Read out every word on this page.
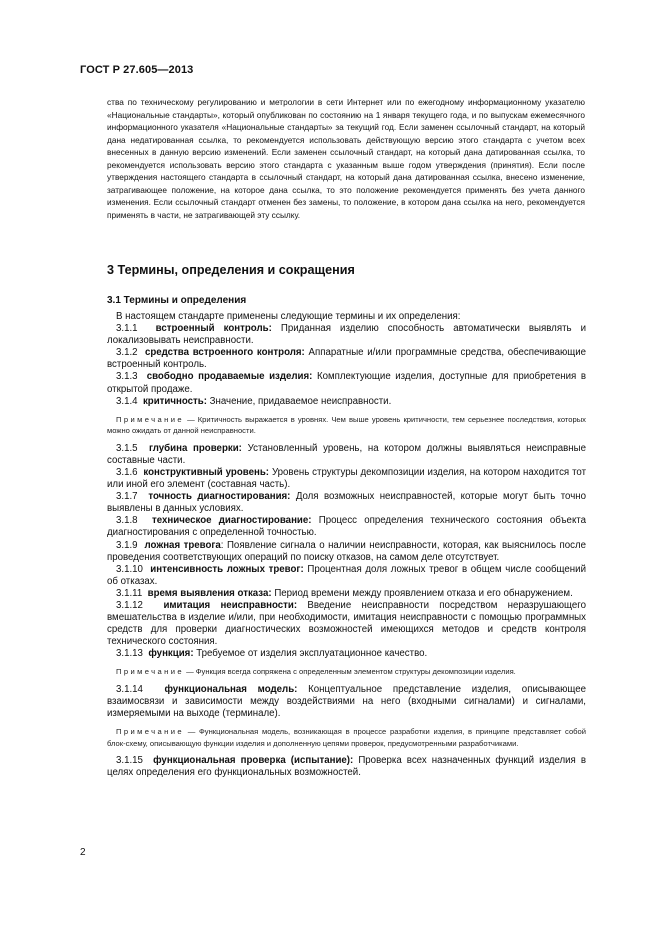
ГОСТ Р 27.605—2013
ства по техническому регулированию и метрологии в сети Интернет или по ежегодному информационному указателю «Национальные стандарты», который опубликован по состоянию на 1 января текущего года, и по выпускам ежемесячного информационного указателя «Национальные стандарты» за текущий год. Если заменен ссылочный стандарт, на который дана недатированная ссылка, то рекомендуется использовать действующую версию этого стандарта с учетом всех внесенных в данную версию изменений. Если заменен ссылочный стандарт, на который дана датированная ссылка, то рекомендуется использовать версию этого стандарта с указанным выше годом утверждения (принятия). Если после утверждения настоящего стандарта в ссылочный стандарт, на который дана датированная ссылка, внесено изменение, затрагивающее положение, на которое дана ссылка, то это положение рекомендуется применять без учета данного изменения. Если ссылочный стандарт отменен без замены, то положение, в котором дана ссылка на него, рекомендуется применять в части, не затрагивающей эту ссылку.
3 Термины, определения и сокращения
3.1 Термины и определения

В настоящем стандарте применены следующие термины и их определения:

3.1.1 встроенный контроль: Приданная изделию способность автоматически выявлять и локализовывать неисправности.

3.1.2 средства встроенного контроля: Аппаратные и/или программные средства, обеспечивающие встроенный контроль.

3.1.3 свободно продаваемые изделия: Комплектующие изделия, доступные для приобретения в открытой продаже.

3.1.4 критичность: Значение, придаваемое неисправности.

Примечание — Критичность выражается в уровнях. Чем выше уровень критичности, тем серьезнее последствия, которых можно ожидать от данной неисправности.

3.1.5 глубина проверки: Установленный уровень, на котором должны выявляться неисправные составные части.

3.1.6 конструктивный уровень: Уровень структуры декомпозиции изделия, на котором находится тот или иной его элемент (составная часть).

3.1.7 точность диагностирования: Доля возможных неисправностей, которые могут быть точно выявлены в данных условиях.

3.1.8 техническое диагностирование: Процесс определения технического состояния объекта диагностирования с определенной точностью.

3.1.9 ложная тревога: Появление сигнала о наличии неисправности, которая, как выяснилось после проведения соответствующих операций по поиску отказов, на самом деле отсутствует.

3.1.10 интенсивность ложных тревог: Процентная доля ложных тревог в общем числе сообщений об отказах.

3.1.11 время выявления отказа: Период времени между проявлением отказа и его обнаружением.

3.1.12 имитация неисправности: Введение неисправности посредством неразрушающего вмешательства в изделие и/или, при необходимости, имитация неисправности с помощью программных средств для проверки диагностических возможностей имеющихся методов и средств контроля технического состояния.

3.1.13 функция: Требуемое от изделия эксплуатационное качество.

Примечание — Функция всегда сопряжена с определенным элементом структуры декомпозиции изделия.

3.1.14 функциональная модель: Концептуальное представление изделия, описывающее взаимосвязи и зависимости между воздействиями на него (входными сигналами) и сигналами, измеряемыми на выходе (терминале).

Примечание — Функциональная модель, возникающая в процессе разработки изделия, в принципе представляет собой блок-схему, описывающую функции изделия и дополненную цепями проверок, предусмотренными разработчиками.

3.1.15 функциональная проверка (испытание): Проверка всех назначенных функций изделия в целях определения его функциональных возможностей.

2
